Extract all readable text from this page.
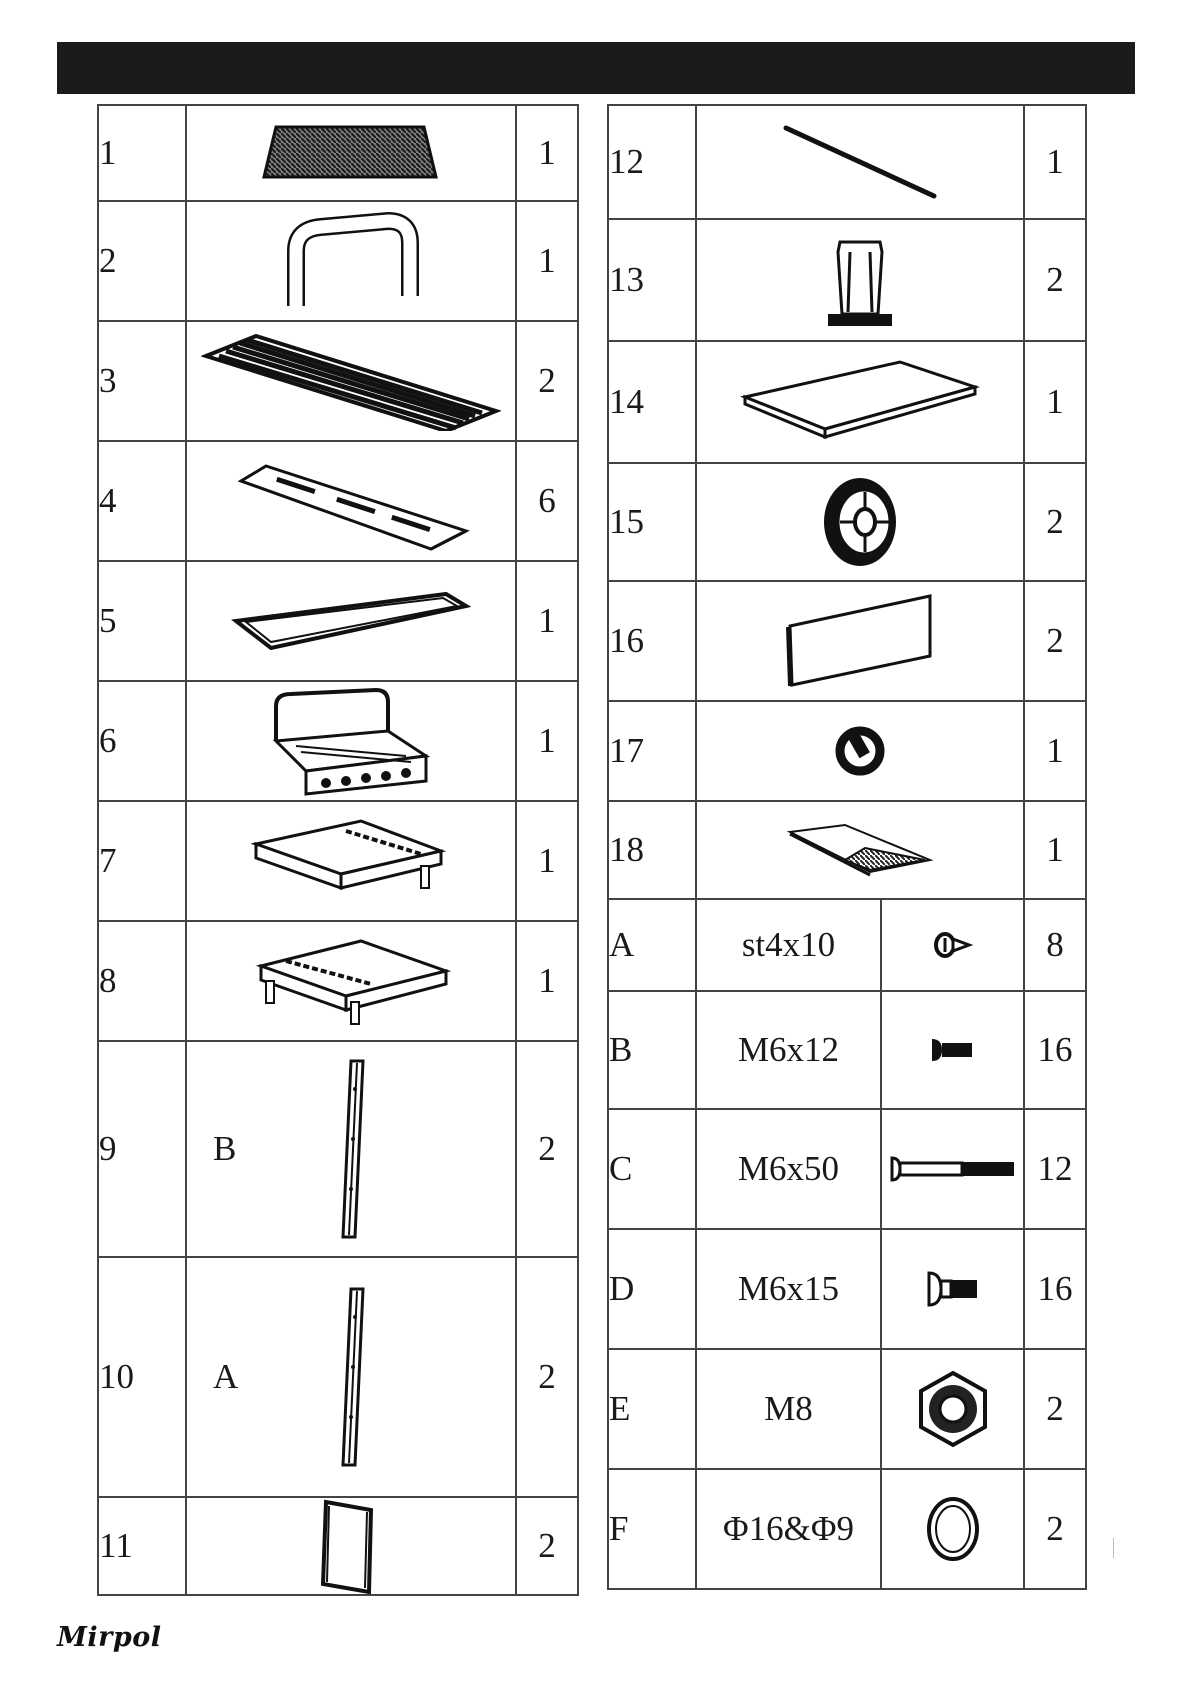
1		1
2		1
3		2
4		6
5		1
6		1
7		1
8		1
9	B	2
10	A	2
11		2
12			1
13			2
14			1
15			2
16			2
17			1
18			1
A	st4x10		8
B	M6x12		16
C	M6x50		12
D	M6x15		16
E	M8		2
F	Φ16&Φ9		2
Mirpol
